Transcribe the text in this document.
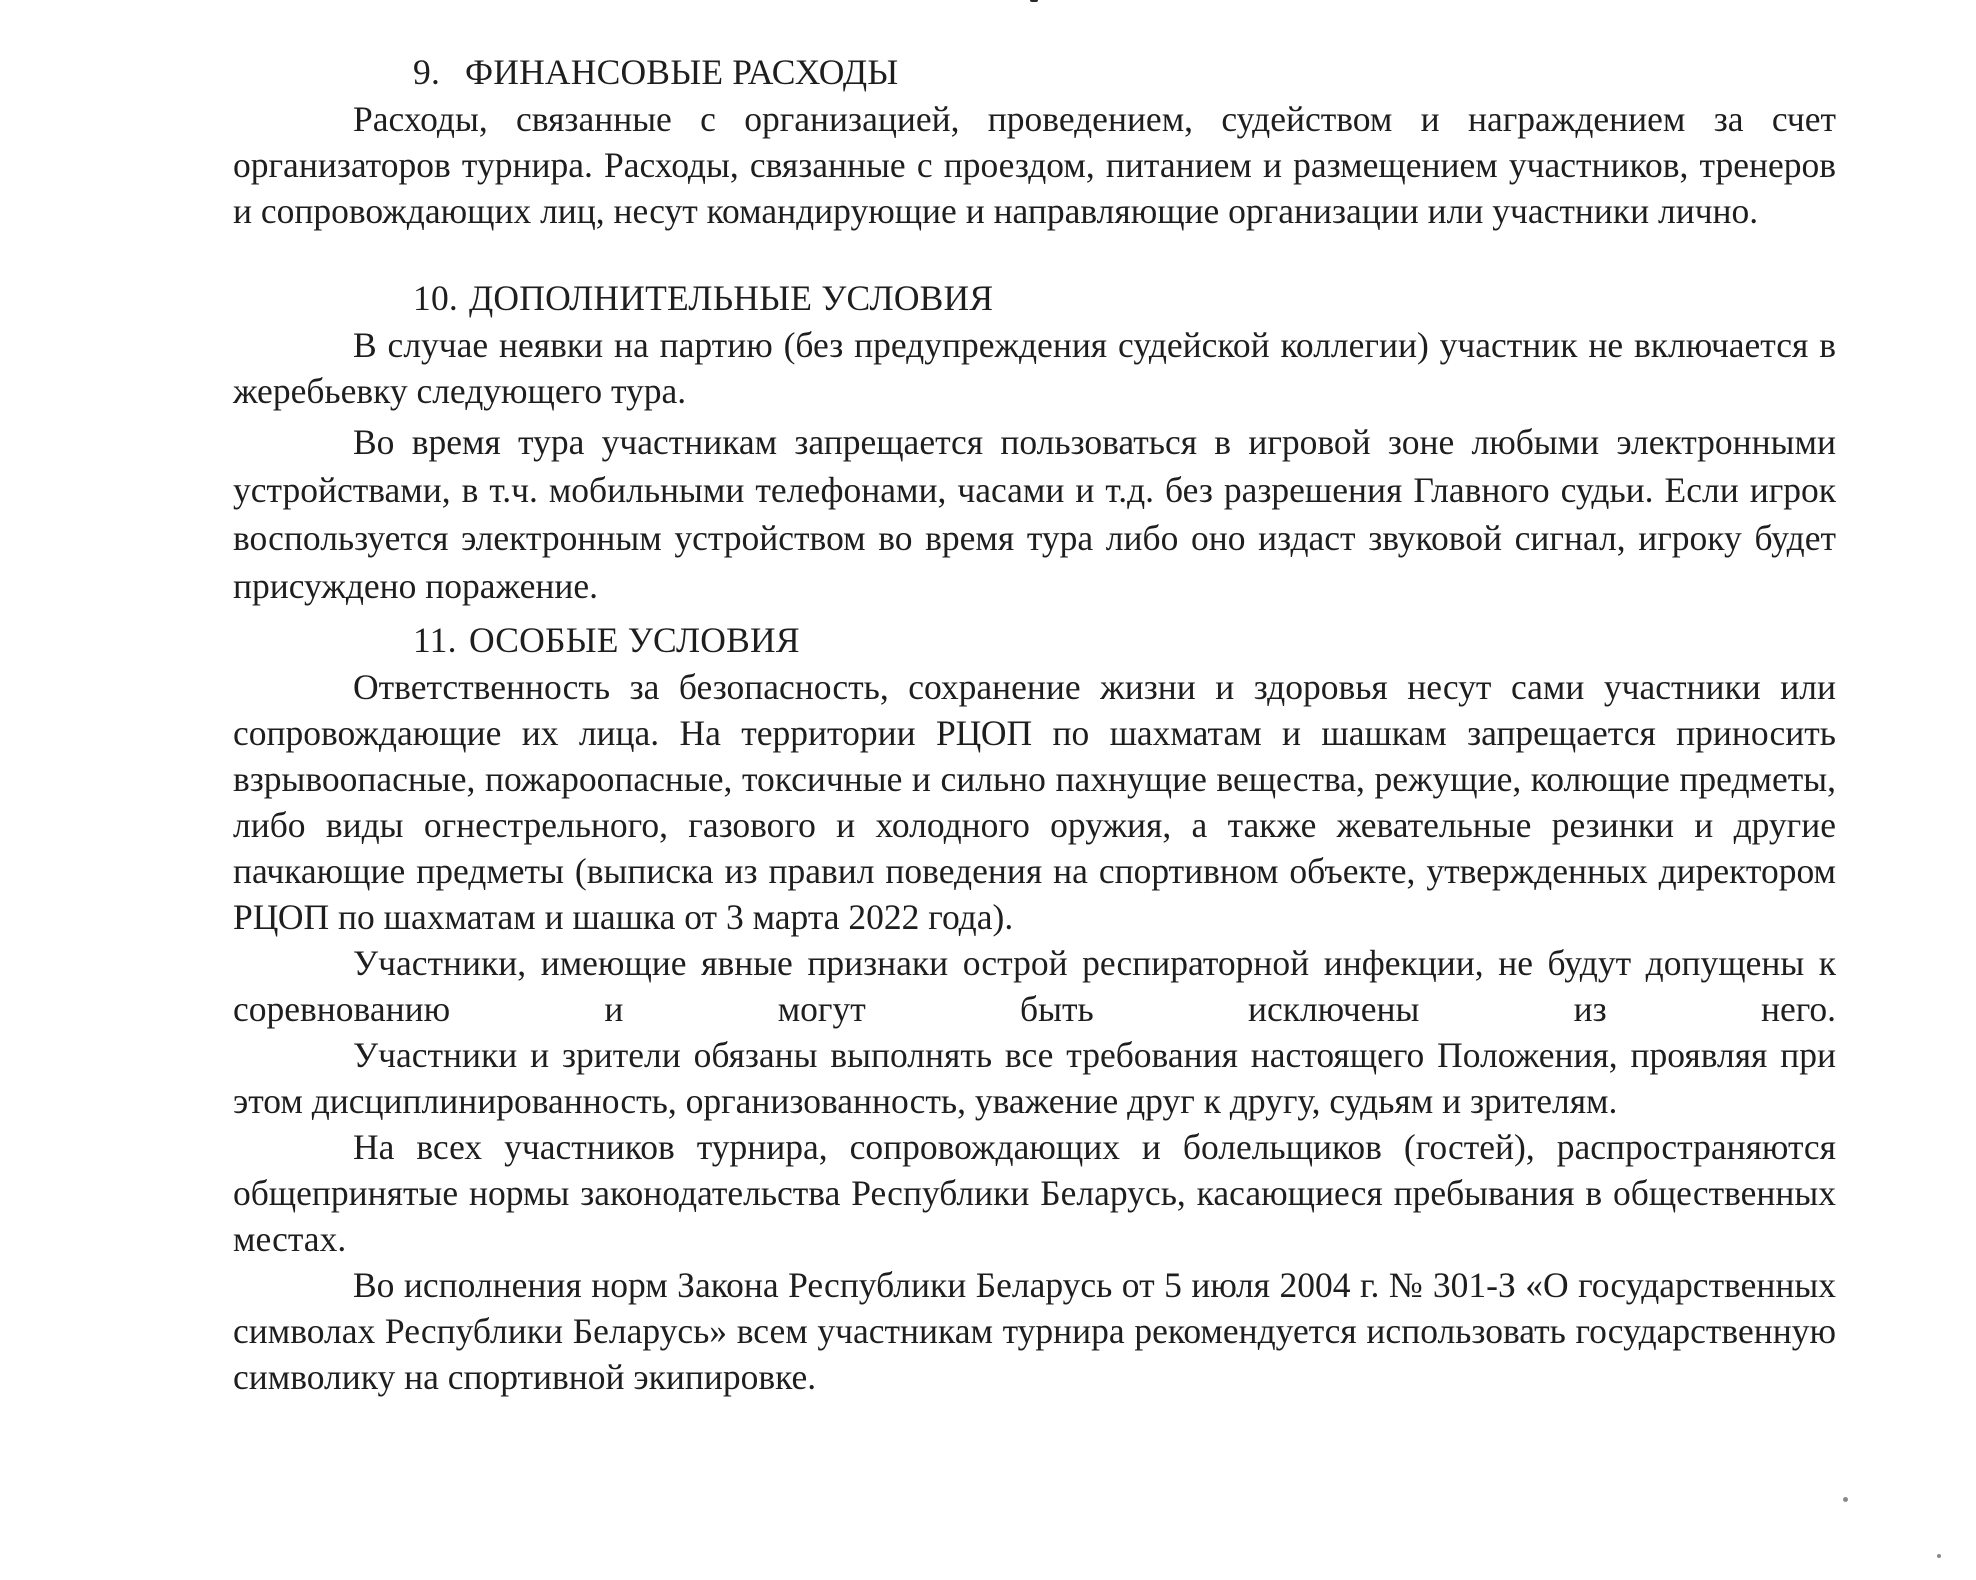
9. ФИНАНСОВЫЕ РАСХОДЫ

Расходы, связанные с организацией, проведением, судейством и награждением за счет организаторов турнира. Расходы, связанные с проездом, питанием и размещением участников, тренеров и сопровождающих лиц, несут командирующие и направляющие организации или участники лично.

10. ДОПОЛНИТЕЛЬНЫЕ УСЛОВИЯ

В случае неявки на партию (без предупреждения судейской коллегии) участник не включается в жеребьевку следующего тура.

Во время тура участникам запрещается пользоваться в игровой зоне любыми электронными устройствами, в т.ч. мобильными телефонами, часами и т.д. без разрешения Главного судьи. Если игрок воспользуется электронным устройством во время тура либо оно издаст звуковой сигнал, игроку будет присуждено поражение.

11. ОСОБЫЕ УСЛОВИЯ

Ответственность за безопасность, сохранение жизни и здоровья несут сами участники или сопровождающие их лица. На территории РЦОП по шахматам и шашкам запрещается приносить взрывоопасные, пожароопасные, токсичные и сильно пахнущие вещества, режущие, колющие предметы, либо виды огнестрельного, газового и холодного оружия, а также жевательные резинки и другие пачкающие предметы (выписка из правил поведения на спортивном объекте, утвержденных директором РЦОП по шахматам и шашка от 3 марта 2022 года).

Участники, имеющие явные признаки острой респираторной инфекции, не будут допущены к соревнованию и могут быть исключены из него.

Участники и зрители обязаны выполнять все требования настоящего Положения, проявляя при этом дисциплинированность, организованность, уважение друг к другу, судьям и зрителям.

На всех участников турнира, сопровождающих и болельщиков (гостей), распространяются общепринятые нормы законодательства Республики Беларусь, касающиеся пребывания в общественных местах.

Во исполнения норм Закона Республики Беларусь от 5 июля 2004 г. № 301-З «О государственных символах Республики Беларусь» всем участникам турнира рекомендуется использовать государственную символику на спортивной экипировке.
